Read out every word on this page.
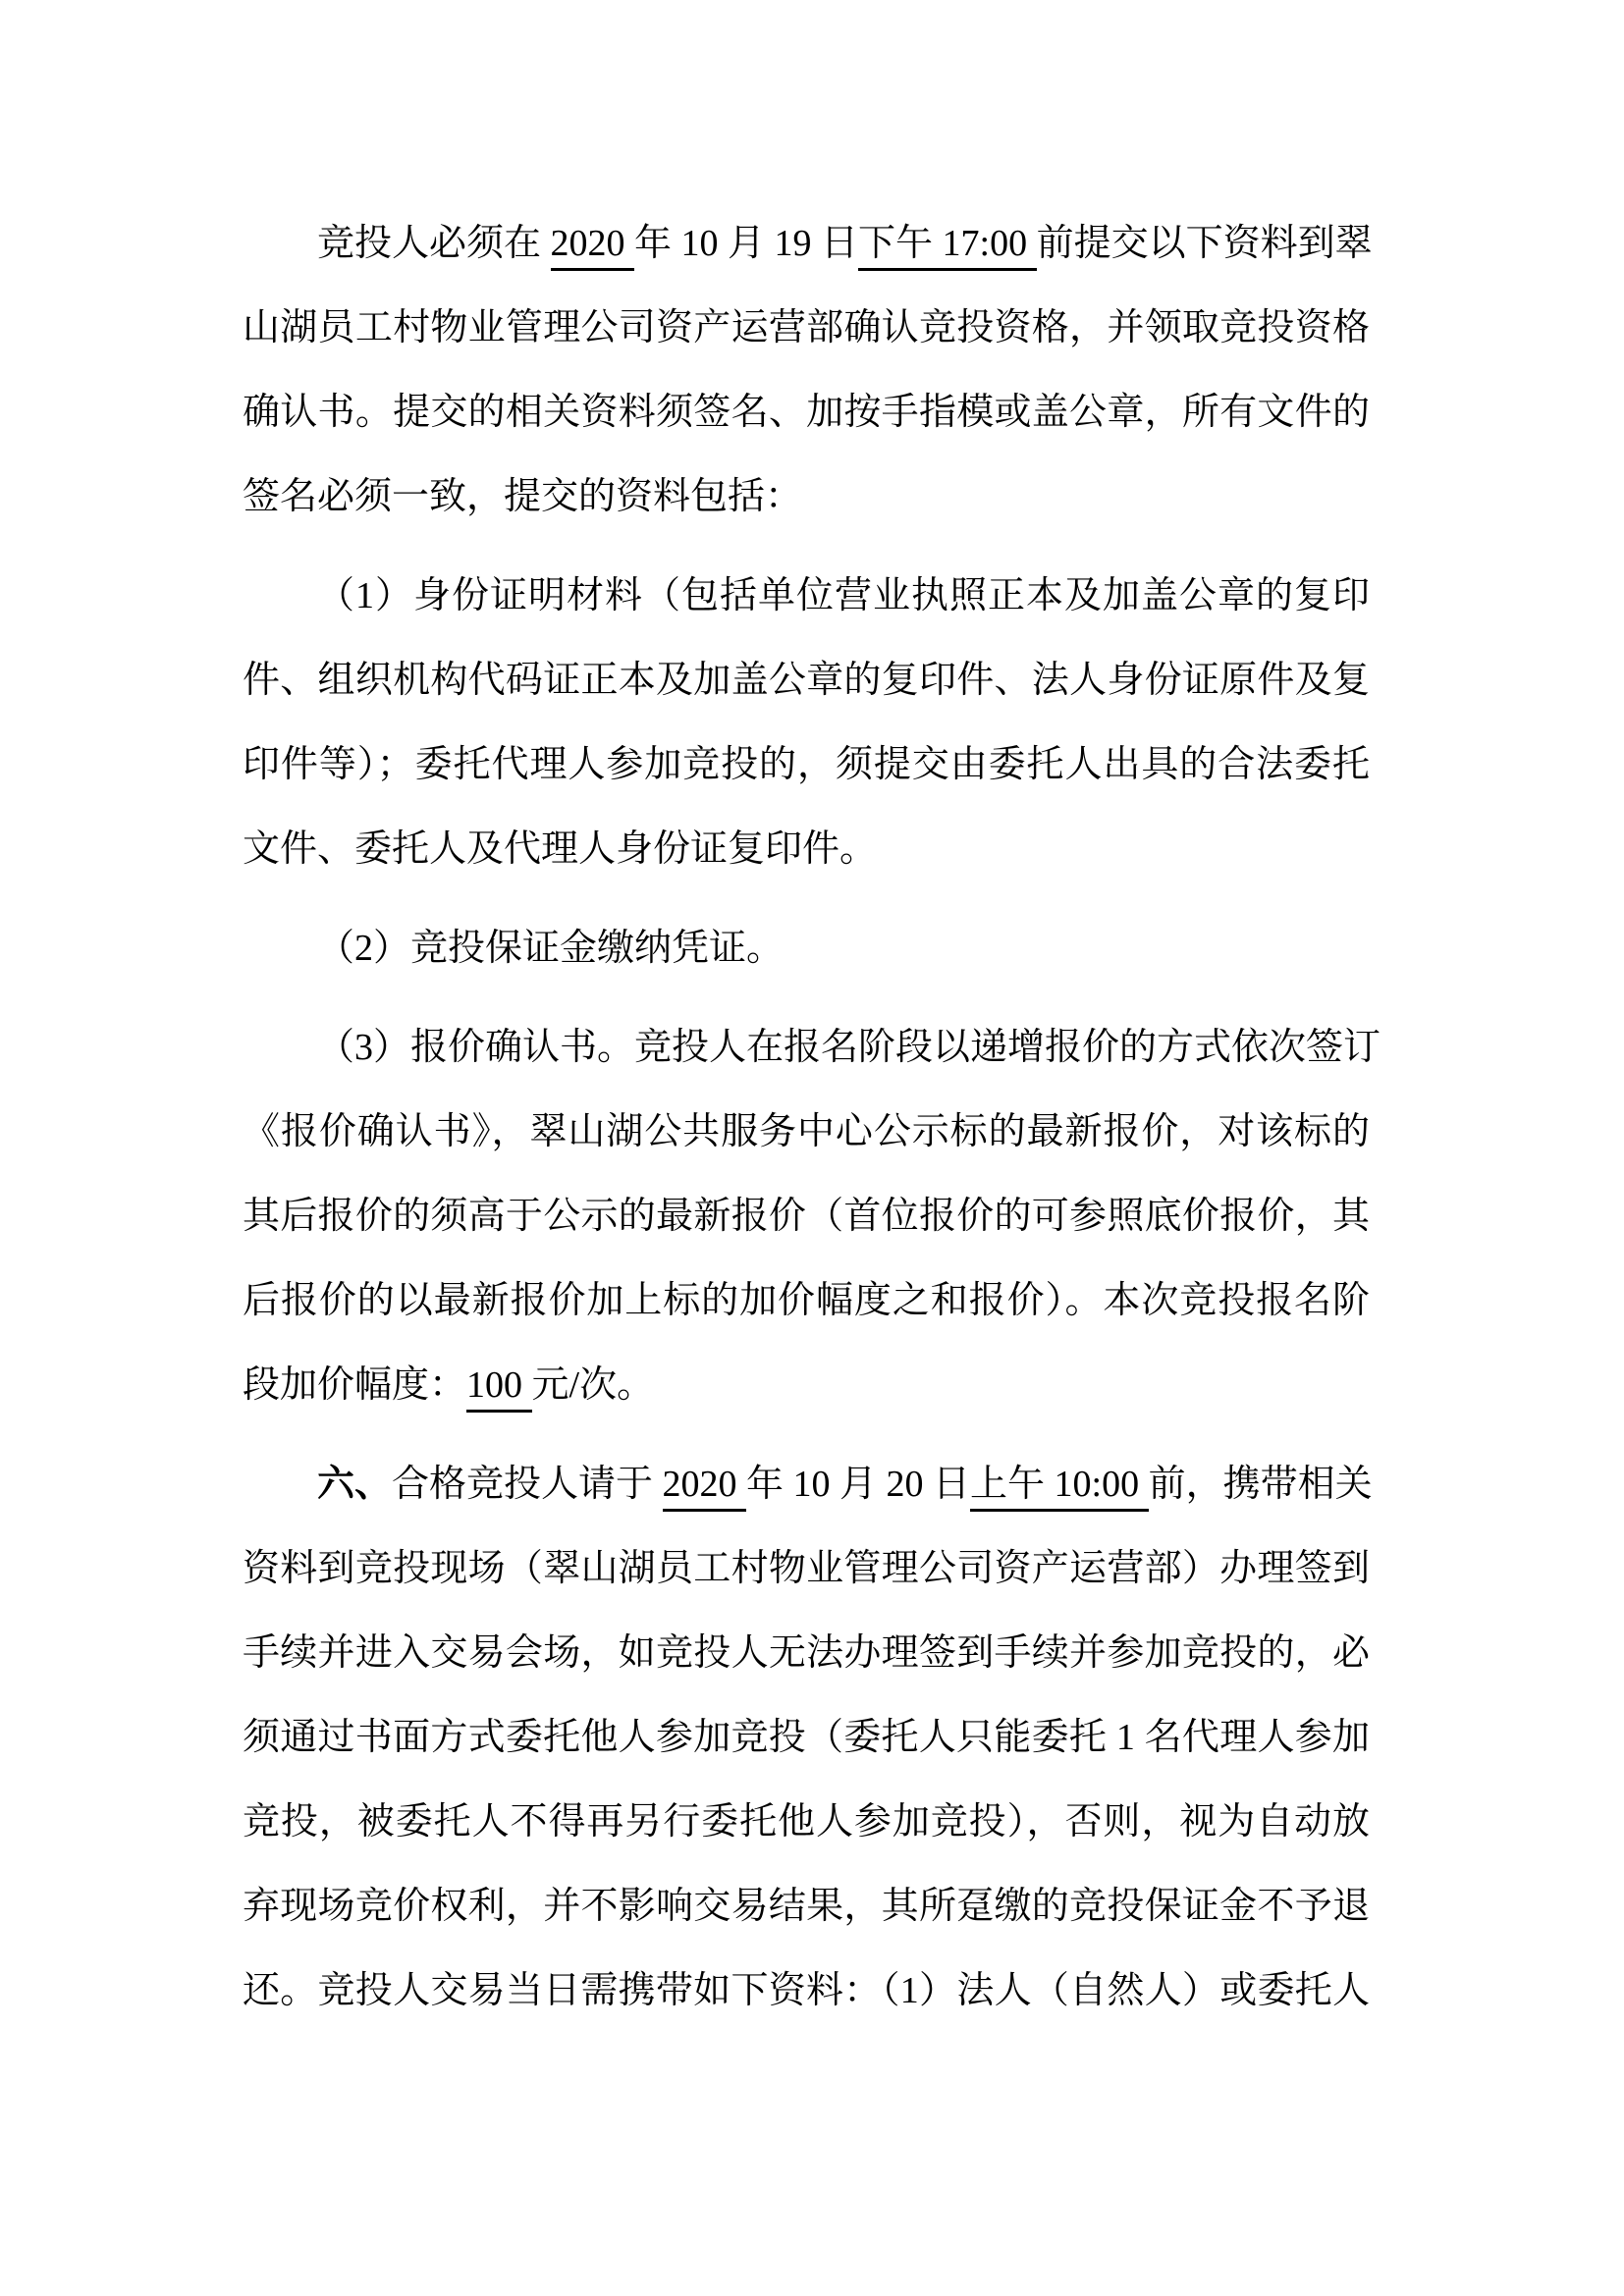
竞投人必须在 2020 年 10 月 19 日下午 17:00 前提交以下资料到翠
山湖员工村物业管理公司资产运营部确认竞投资格，并领取竞投资格
确认书。提交的相关资料须签名、加按手指模或盖公章，所有文件的
签名必须一致，提交的资料包括：
（1）身份证明材料（包括单位营业执照正本及加盖公章的复印
件、组织机构代码证正本及加盖公章的复印件、法人身份证原件及复
印件等）；委托代理人参加竞投的，须提交由委托人出具的合法委托
文件、委托人及代理人身份证复印件。
（2）竞投保证金缴纳凭证。
（3）报价确认书。竞投人在报名阶段以递增报价的方式依次签订
《报价确认书》，翠山湖公共服务中心公示标的最新报价，对该标的
其后报价的须高于公示的最新报价（首位报价的可参照底价报价，其
后报价的以最新报价加上标的加价幅度之和报价）。本次竞投报名阶
段加价幅度：100 元/次。
六、合格竞投人请于 2020 年 10 月 20 日上午 10:00 前，携带相关
资料到竞投现场（翠山湖员工村物业管理公司资产运营部）办理签到
手续并进入交易会场，如竞投人无法办理签到手续并参加竞投的，必
须通过书面方式委托他人参加竞投（委托人只能委托 1 名代理人参加
竞投，被委托人不得再另行委托他人参加竞投），否则，视为自动放
弃现场竞价权利，并不影响交易结果，其所趸缴的竞投保证金不予退
还。竞投人交易当日需携带如下资料：（1）法人（自然人）或委托人
